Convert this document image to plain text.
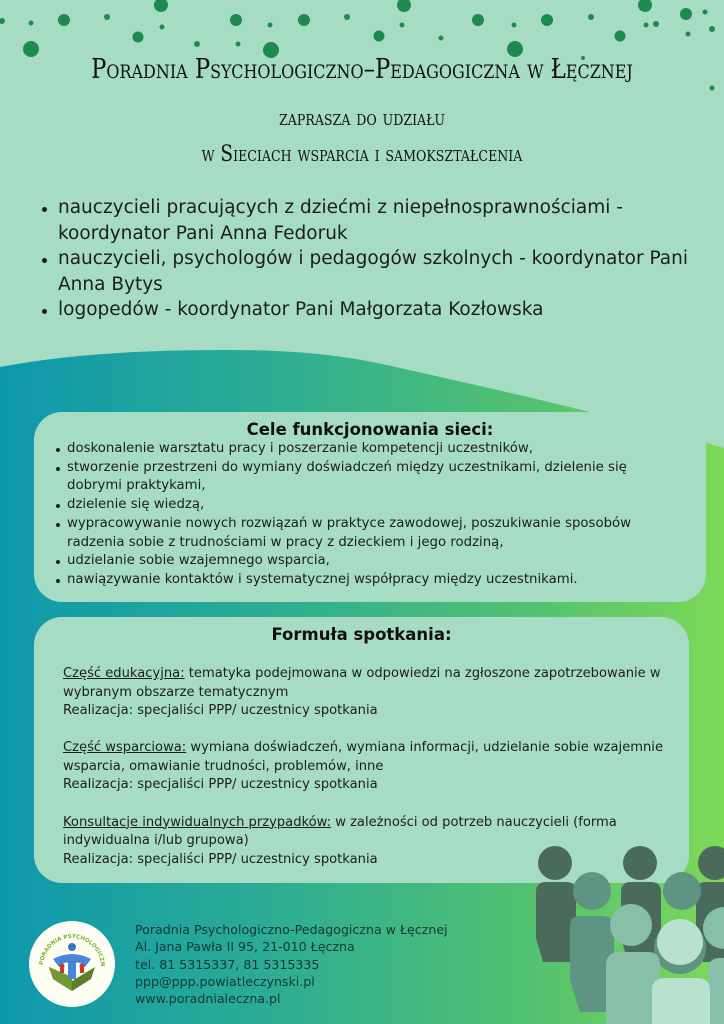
Poradnia Psychologiczno–Pedagogiczna w Łęcznej
zaprasza do udziału
w Sieciach wsparcia i samokształcenia
nauczycieli pracujących z dziećmi z niepełnosprawnościami -
koordynator Pani Anna Fedoruk
nauczycieli, psychologów i pedagogów szkolnych - koordynator Pani
Anna Bytys
logopedów - koordynator Pani Małgorzata Kozłowska
Cele funkcjonowania sieci:
doskonalenie warsztatu pracy i poszerzanie kompetencji uczestników,
stworzenie przestrzeni do wymiany doświadczeń między uczestnikami, dzielenie się dobrymi praktykami,
dzielenie się wiedzą,
wypracowywanie nowych rozwiązań w praktyce zawodowej, poszukiwanie sposobów radzenia sobie z trudnościami w pracy z dzieckiem i jego rodziną,
udzielanie sobie wzajemnego wsparcia,
nawiązywanie kontaktów i systematycznej współpracy między uczestnikami.
Formuła spotkania:
Część edukacyjna: tematyka podejmowana w odpowiedzi na zgłoszone zapotrzebowanie w wybranym obszarze tematycznym
Realizacja: specjaliści PPP/ uczestnicy spotkania
Część wsparciowa: wymiana doświadczeń, wymiana informacji, udzielanie sobie wzajemnie wsparcia, omawianie trudności, problemów, inne
Realizacja: specjaliści PPP/ uczestnicy spotkania
Konsultacje indywidualnych przypadków: w zależności od potrzeb nauczycieli (forma indywidualna i/lub grupowa)
Realizacja: specjaliści PPP/ uczestnicy spotkania
PORADNIA PSYCHOLOGICZN
Poradnia Psychologiczno-Pedagogiczna w Łęcznej
Al. Jana Pawła II 95, 21-010 Łęczna
tel. 81 5315337, 81 5315335
ppp@ppp.powiatleczynski.pl
www.poradnialeczna.pl
